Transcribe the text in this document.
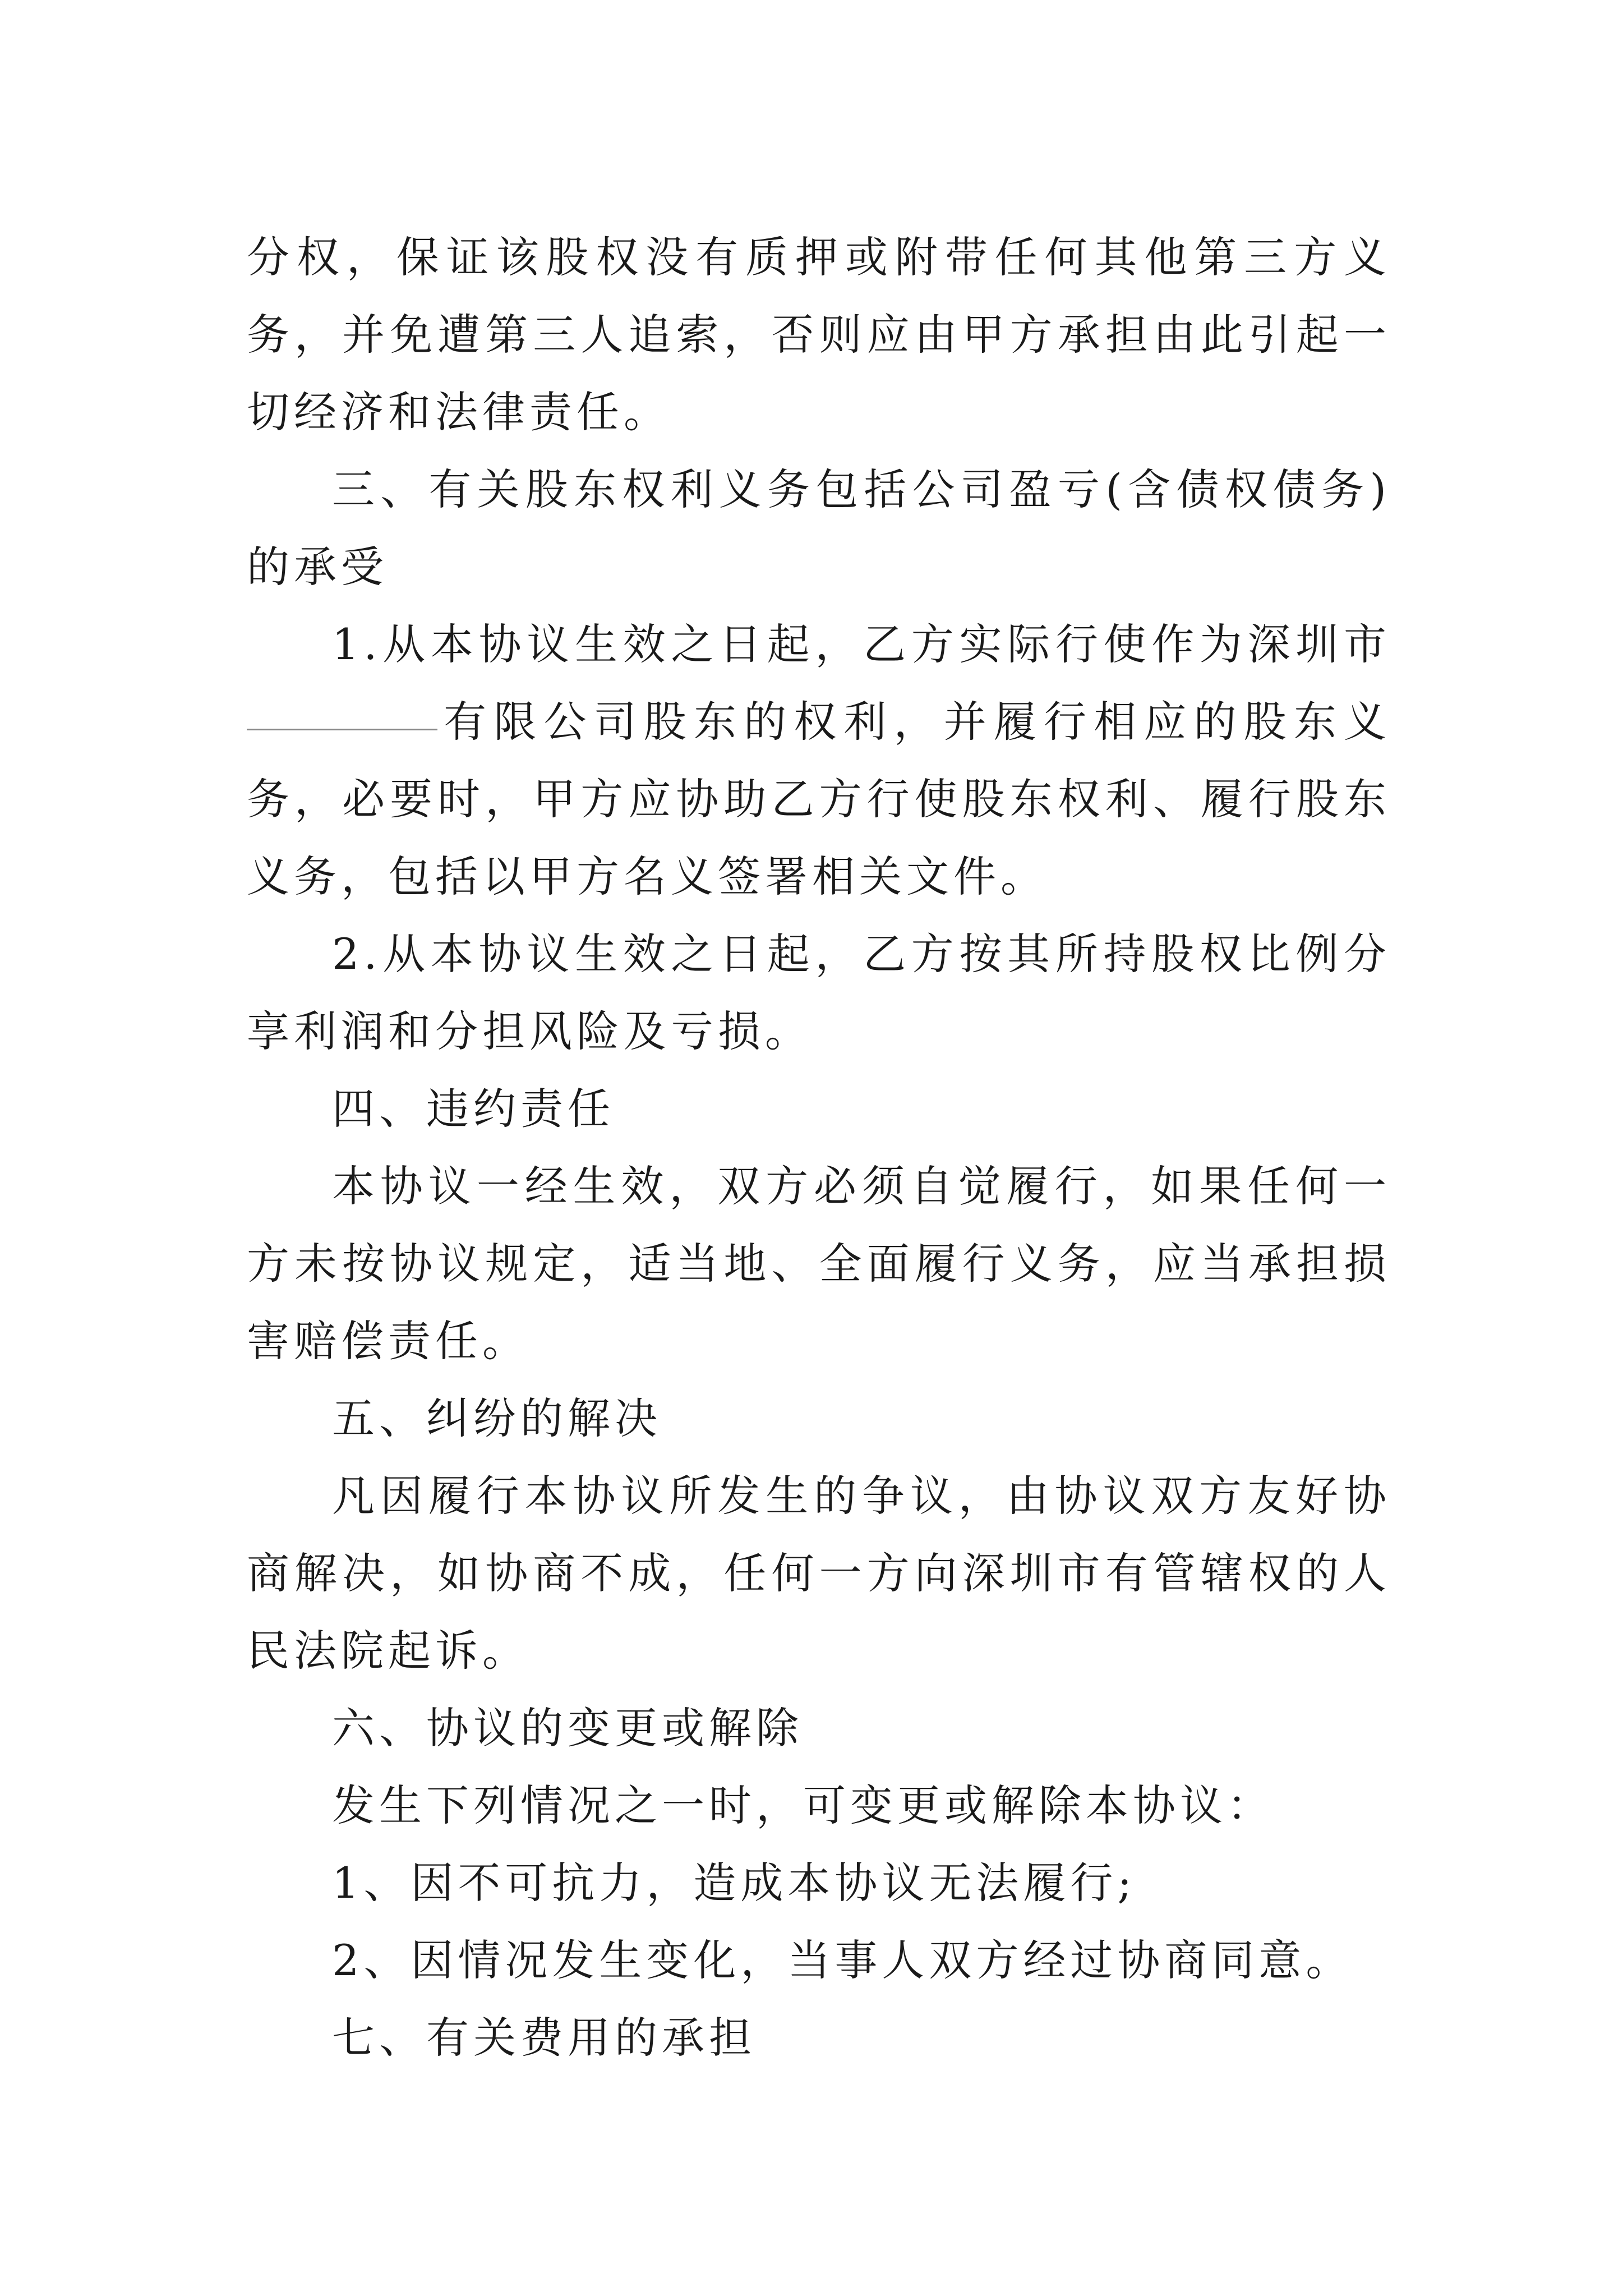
分权，保证该股权没有质押或附带任何其他第三方义务，并免遭第三人追索，否则应由甲方承担由此引起一切经济和法律责任。

三、有关股东权利义务包括公司盈亏(含债权债务)的承受

1.从本协议生效之日起，乙方实际行使作为深圳市有限公司股东的权利，并履行相应的股东义务，必要时，甲方应协助乙方行使股东权利、履行股东义务，包括以甲方名义签署相关文件。

2.从本协议生效之日起，乙方按其所持股权比例分享利润和分担风险及亏损。

四、违约责任

本协议一经生效，双方必须自觉履行，如果任何一方未按协议规定，适当地、全面履行义务，应当承担损害赔偿责任。

五、纠纷的解决

凡因履行本协议所发生的争议，由协议双方友好协商解决，如协商不成，任何一方向深圳市有管辖权的人民法院起诉。

六、协议的变更或解除

发生下列情况之一时，可变更或解除本协议：

1、因不可抗力，造成本协议无法履行;

2、因情况发生变化，当事人双方经过协商同意。

七、有关费用的承担
